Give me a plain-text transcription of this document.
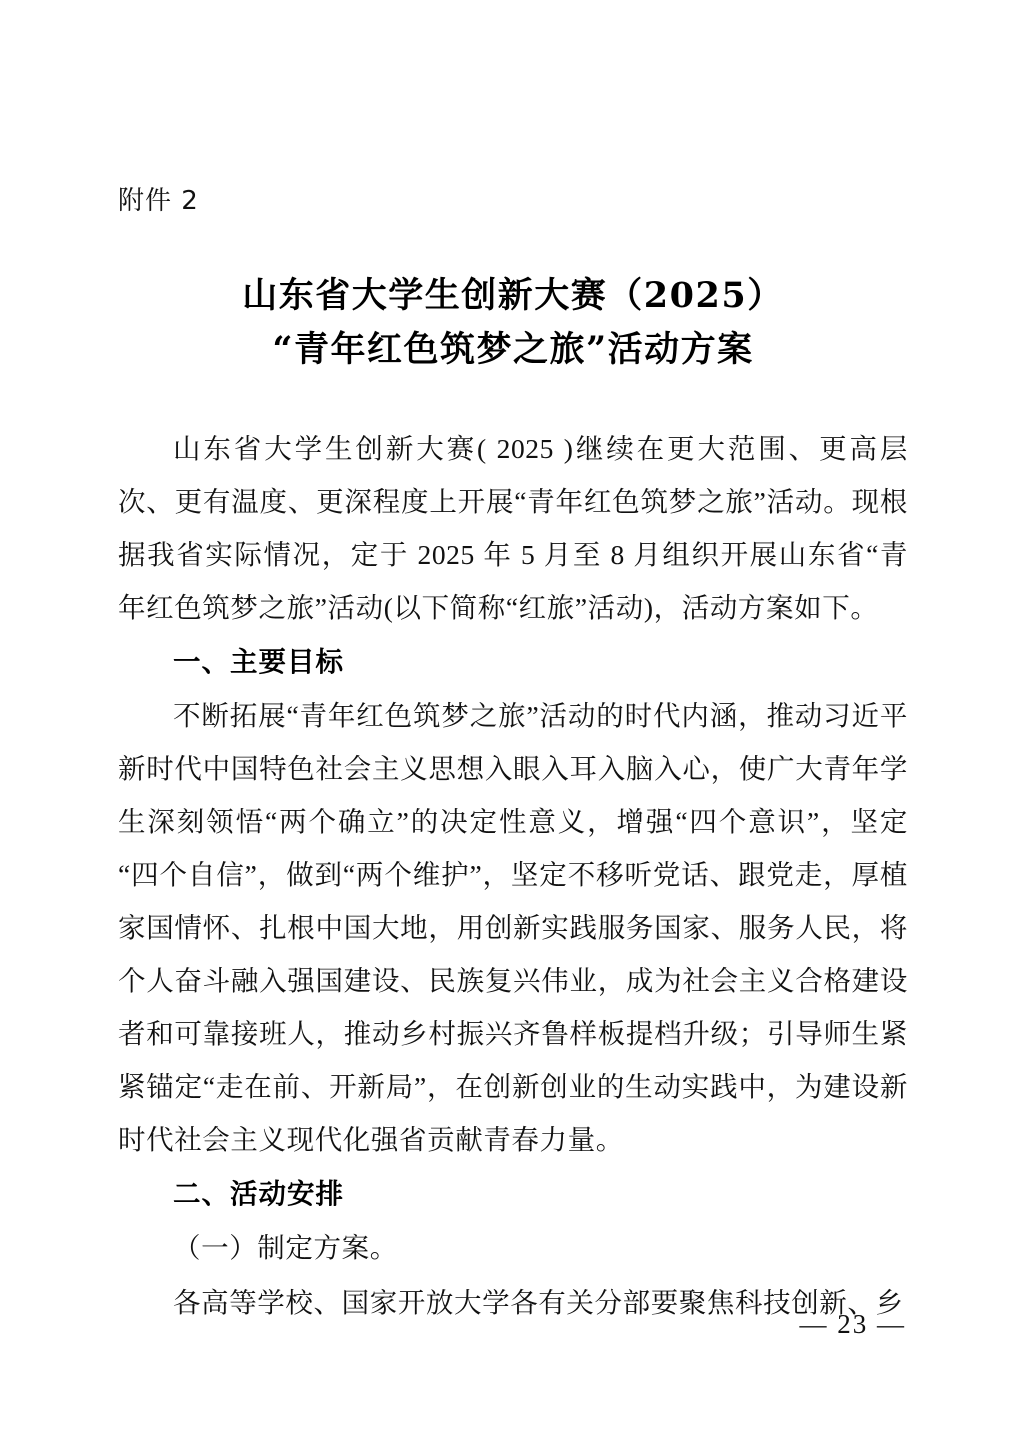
附件 2
山东省大学生创新大赛（2025）
“青年红色筑梦之旅”活动方案

山东省大学生创新大赛( 2025 )继续在更大范围、更高层次、更有温度、更深程度上开展“青年红色筑梦之旅”活动。现根据我省实际情况，定于 2025 年 5 月至 8 月组织开展山东省“青年红色筑梦之旅”活动(以下简称“红旅”活动)，活动方案如下。

一、主要目标

不断拓展“青年红色筑梦之旅”活动的时代内涵，推动习近平新时代中国特色社会主义思想入眼入耳入脑入心，使广大青年学生深刻领悟“两个确立”的决定性意义，增强“四个意识”，坚定“四个自信”，做到“两个维护”，坚定不移听党话、跟党走，厚植家国情怀、扎根中国大地，用创新实践服务国家、服务人民，将个人奋斗融入强国建设、民族复兴伟业，成为社会主义合格建设者和可靠接班人，推动乡村振兴齐鲁样板提档升级；引导师生紧紧锚定“走在前、开新局”，在创新创业的生动实践中，为建设新时代社会主义现代化强省贡献青春力量。

二、活动安排

（一）制定方案。

各高等学校、国家开放大学各有关分部要聚焦科技创新、乡

— 23 —
